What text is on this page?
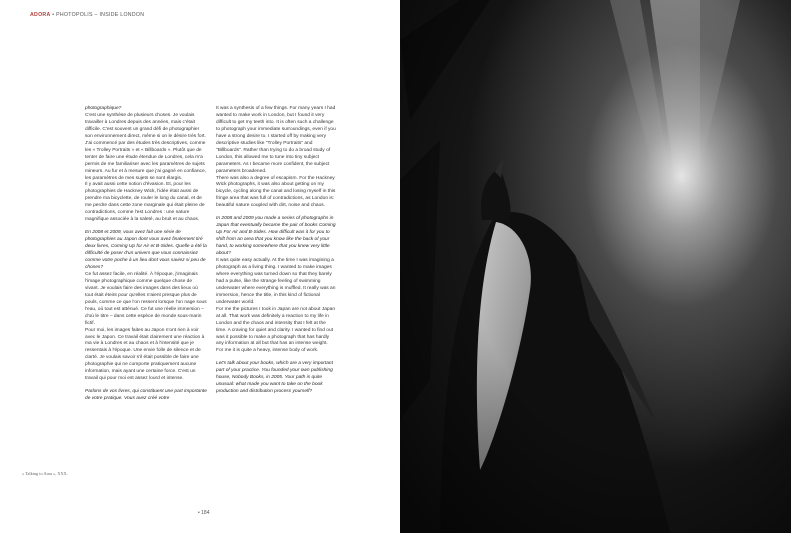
ADORA • PHOTOPOLIS – INSIDE LONDON

photographique?

C'est une synthèse de plusieurs choses. Je voulais travailler à Londres depuis des années, mais c'était difficile. C'est souvent un grand défi de photographier son environnement direct, même si on le désire très fort. J'ai commencé par des études très descriptives, comme les « Trolley Portraits » et « Billboards ». Plutôt que de tenter de faire une étude étendue de Londres, cela m'a permis de me familiariser avec les paramètres de sujets mineurs. Au fur et à mesure que j'ai gagné en confiance, les paramètres de mes sujets se sont élargis.

Il y avait aussi cette notion d'évasion. Et, pour les photographies de Hackney Wick, l'idée était aussi de prendre ma bicyclette, de rouler le long du canal, et de me perdre dans cette zone marginale qui était pleine de contradictions, comme l'est Londres : une nature magnifique associée à la saleté, au bruit et au chaos.

En 2008 et 2009, vous avez fait une série de photographies au Japon dont vous avez finalement tiré deux livres, Coming Up for Air et B-Sides. Quelle a été la difficulté de poser d'un univers que vous connaissiez comme votre poche à un lieu dont vous saviez si peu de choses?

Ce fut assez facile, en réalité. À l'époque, j'imaginais l'image photographique comme quelque chose de vivant. Je voulais faire des images dans des lieux où tout était éteint pour qu'elles n'aient presque plus de pouls, comme ce que l'on ressent lorsque l'on nage sous l'eau, où tout est atténué. Ce fut une réelle immersion – d'où le titre – dans cette espèce de monde sous-marin fictif.

Pour moi, les images faites au Japon n'ont rien à voir avec le Japon. Ce travail était clairement une réaction à ma vie à Londres et au chaos et à l'intensité que je ressentais à l'époque. Une envie folle de silence et de clarté. Je voulais savoir s'il était possible de faire une photographie qui ne comporte pratiquement aucune information, mais ayant une certaine force. C'est un travail qui pour moi est assez lourd et intense.

Parlons de vos livres, qui constituent une part importante de votre pratique. Vous avez créé votre

It was a synthesis of a few things. For many years I had wanted to make work in London, but I found it very difficult to get my teeth into. It is often such a challenge to photograph your immediate surroundings, even if you have a strong desire to. I started off by making very descriptive studies like "Trolley Portraits" and "Billboards". Rather than trying to do a broad study of London, this allowed me to tune into tiny subject parameters. As I became more confident, the subject parameters broadened.

There was also a degree of escapism. For the Hackney Wick photographs, it was also about getting on my bicycle, cycling along the canal and losing myself in this fringe area that was full of contradictions, as London is: beautiful nature coupled with dirt, noise and chaos.

In 2008 and 2009 you made a series of photographs in Japan that eventually became the pair of books Coming Up For Air and B-Sides. How difficult was it for you to shift from an area that you know like the back of your hand, to working somewhere that you knew very little about?

It was quite easy actually. At the time I was imagining a photograph as a living thing. I wanted to make images where everything was turned down so that they barely had a pulse, like the strange feeling of swimming underwater where everything is muffled. It really was an immersion, hence the title, in this kind of fictional underwater world.

For me the pictures I took in Japan are not about Japan at all. That work was definitely a reaction to my life in London and the chaos and intensity that I felt at the time. A craving for quiet and clarity. I wanted to find out was it possible to make a photograph that has hardly any information at all but that has an intense weight. For me it is quite a heavy, intense body of work.

Let's talk about your books, which are a very important part of your practice. You founded your own publishing house, Nobody Books, in 2005. Your path is quite unusual: what made you want to take on the book production and distribution process yourself?

« Talking to Aura », XXX.
• 184
